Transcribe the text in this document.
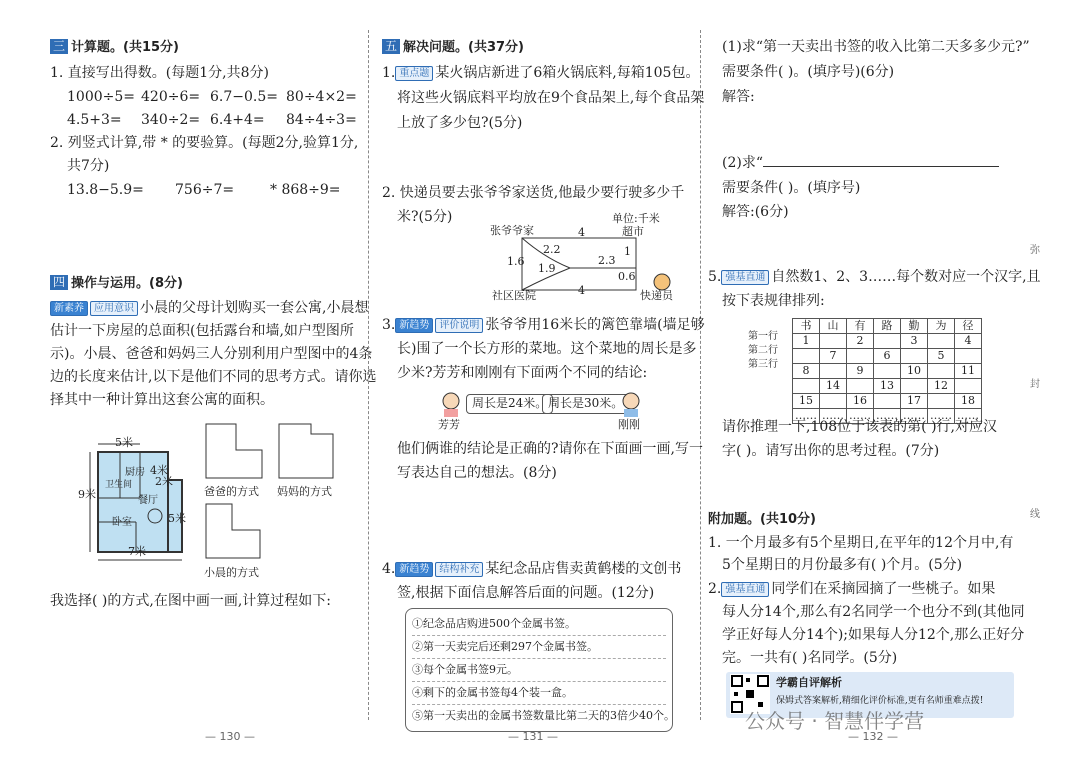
三 计算题。(共15分)
1. 直接写出得数。(每题1分,共8分)
1000÷5= 420÷6= 6.7−0.5= 80÷4×2=
4.5+3= 340÷2= 6.4+4= 84÷4÷3=
2. 列竖式计算,带 * 的要验算。(每题2分,验算1分,
共7分)
13.8−5.9= 756÷7=	* 868÷9=
四 操作与运用。(8分)
新素养 应用意识 小晨的父母计划购买一套公寓,小晨想
估计一下房屋的总面积(包括露台和墙,如户型图所
示)。小晨、爸爸和妈妈三人分别利用户型图中的4条
边的长度来估计,以下是他们不同的思考方式。请你选
择其中一种计算出这套公寓的面积。
5米
9米
4米
2米
5米
7米
厨房
卫生间
餐厅
卧室
爸爸的方式 妈妈的方式
小晨的方式
我选择( )的方式,在图中画一画,计算过程如下:
— 130 —
五 解决问题。(共37分)
1. 重点题 某火锅店新进了6箱火锅底料,每箱105包。
将这些火锅底料平均放在9个食品架上,每个食品架
上放了多少包?(5分)
2. 快递员要去张爷爷家送货,他最少要行驶多少千
米?(5分)	单位:千米
张爷爷家	超市
2.2
1.6
1.9
2.3
1
0.6
4
4
社区医院	快递员
3. 新趋势 评价说明 张爷爷用16米长的篱笆靠墙(墙足够
长)围了一个长方形的菜地。这个菜地的周长是多
少米?芳芳和刚刚有下面两个不同的结论:
周长是24米。 周长是30米。
芳芳	刚刚
他们俩谁的结论是正确的?请你在下面画一画,写一
写表达自己的想法。(8分)
4. 新趋势 结构补充 某纪念品店售卖黄鹤楼的文创书
签,根据下面信息解答后面的问题。(12分)
①纪念品店购进500个金属书签。
②第一天卖完后还剩297个金属书签。
③每个金属书签9元。
④剩下的金属书签每4个装一盒。
⑤第一天卖出的金属书签数量比第二天的3倍少40个。
— 131 —
(1)求“第一天卖出书签的收入比第二天多多少元?”
需要条件( )。(填序号)(6分)
解答:
(2)求“
需要条件( )。(填序号)
解答:(6分)
5. 强基直通 自然数1、2、3……每个数对应一个汉字,且
按下表规律排列:
第一行
第二行
第三行
书	山	有	路	勤	为	径
1		2		3		4
	7		6		5	
8		9		10		11
	14		13		12	
15		16		17		18
……	……	……	……	……	……	……
请你推理一下,108位于该表的第( )行,对应汉
字( )。请写出你的思考过程。(7分)
附加题。(共10分)
1. 一个月最多有5个星期日,在平年的12个月中,有
5个星期日的月份最多有( )个月。(5分)
2. 强基直通 同学们在采摘园摘了一些桃子。如果
每人分14个,那么有2名同学一个也分不到(其他同
学正好每人分14个);如果每人分12个,那么正好分
完。一共有( )名同学。(5分)
学霸自评解析
保姆式答案解析,精细化评价标准,更有名师重难点拨!
公众号 · 智慧伴学营
弥
封
线
— 132 —
